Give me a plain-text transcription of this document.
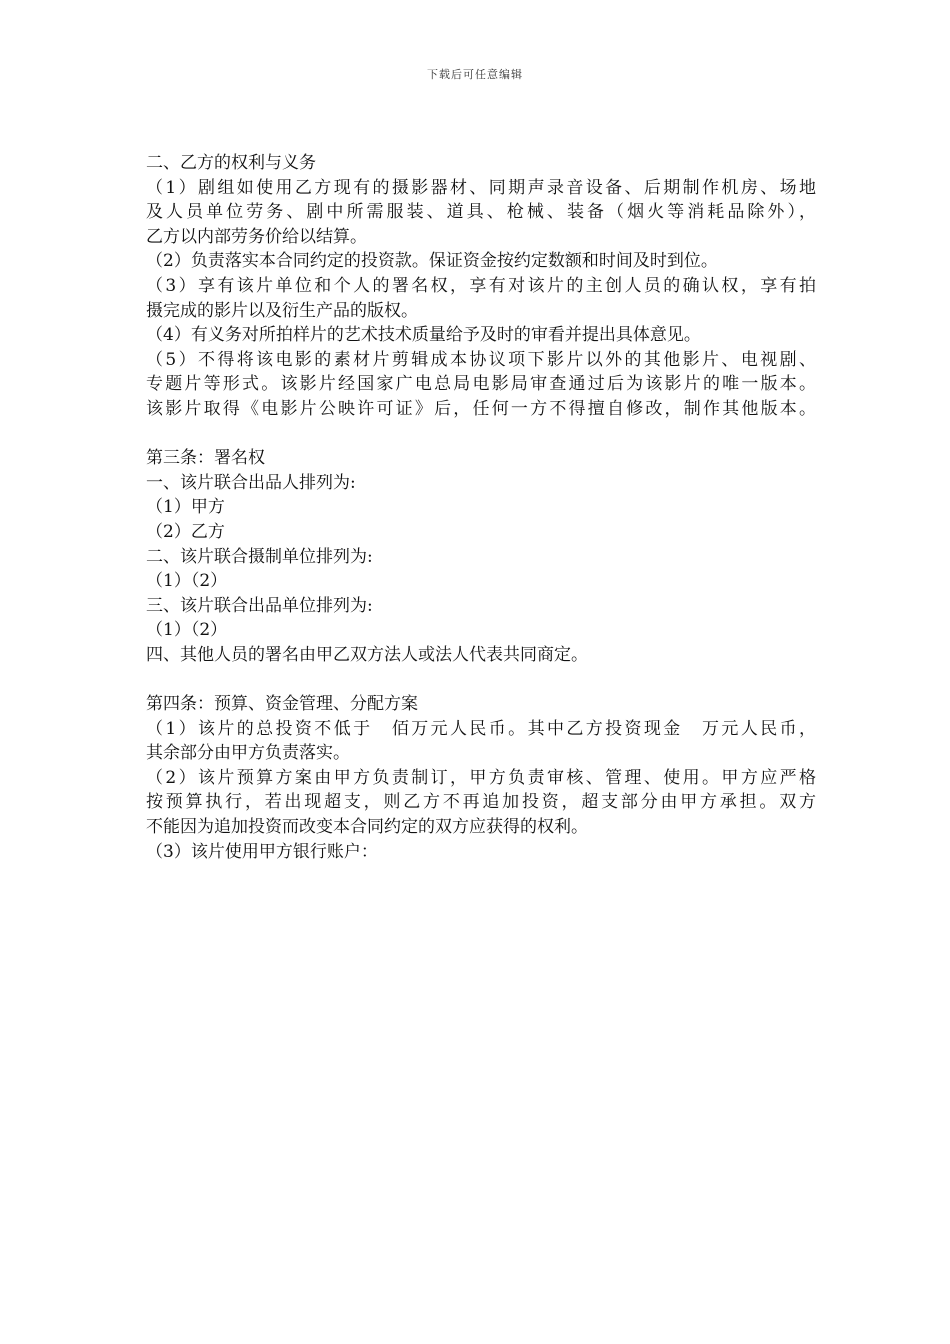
下载后可任意编辑
二、乙方的权利与义务
（1）剧组如使用乙方现有的摄影器材、同期声录音设备、后期制作机房、场地
及人员单位劳务、剧中所需服装、道具、枪械、装备（烟火等消耗品除外），
乙方以内部劳务价给以结算。
（2）负责落实本合同约定的投资款。保证资金按约定数额和时间及时到位。
（3）享有该片单位和个人的署名权，享有对该片的主创人员的确认权，享有拍
摄完成的影片以及衍生产品的版权。
（4）有义务对所拍样片的艺术技术质量给予及时的审看并提出具体意见。
（5）不得将该电影的素材片剪辑成本协议项下影片以外的其他影片、电视剧、
专题片等形式。该影片经国家广电总局电影局审查通过后为该影片的唯一版本。
该影片取得《电影片公映许可证》后，任何一方不得擅自修改，制作其他版本。
第三条：署名权
一、该片联合出品人排列为:
（1）甲方
（2）乙方
二、该片联合摄制单位排列为:
（1）（2）
三、该片联合出品单位排列为:
（1）（2）
四、其他人员的署名由甲乙双方法人或法人代表共同商定。
第四条：预算、资金管理、分配方案
（1）该片的总投资不低于　佰万元人民币。其中乙方投资现金　万元人民币，
其余部分由甲方负责落实。
（2）该片预算方案由甲方负责制订，甲方负责审核、管理、使用。甲方应严格
按预算执行，若出现超支，则乙方不再追加投资，超支部分由甲方承担。双方
不能因为追加投资而改变本合同约定的双方应获得的权利。
（3）该片使用甲方银行账户：
